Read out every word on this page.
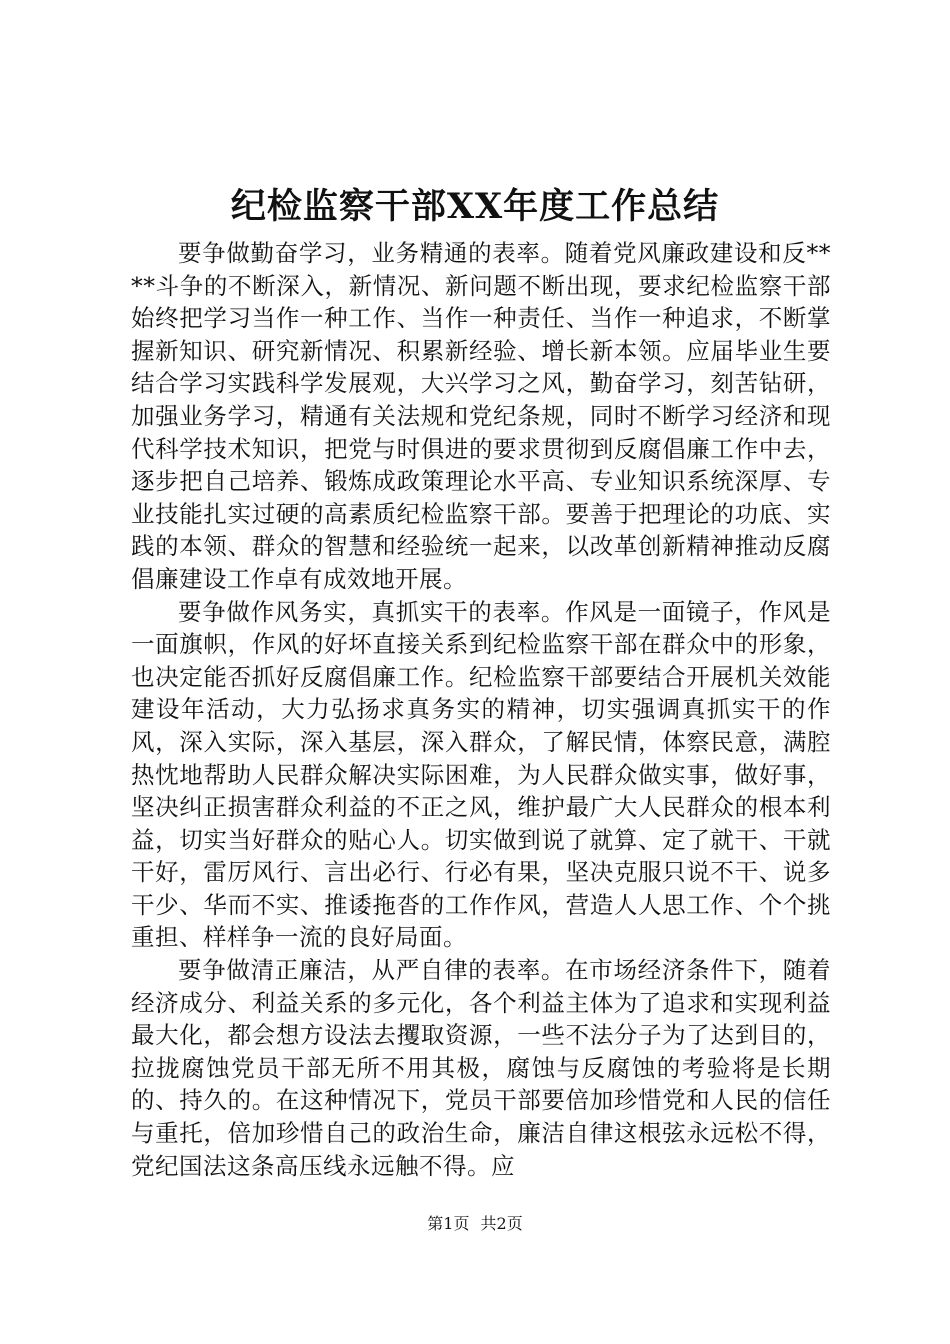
纪检监察干部XX年度工作总结

要争做勤奋学习，业务精通的表率。随着党风廉政建设和反****斗争的不断深入，新情况、新问题不断出现，要求纪检监察干部始终把学习当作一种工作、当作一种责任、当作一种追求，不断掌握新知识、研究新情况、积累新经验、增长新本领。应届毕业生要结合学习实践科学发展观，大兴学习之风，勤奋学习，刻苦钻研，加强业务学习，精通有关法规和党纪条规，同时不断学习经济和现代科学技术知识，把党与时俱进的要求贯彻到反腐倡廉工作中去，逐步把自己培养、锻炼成政策理论水平高、专业知识系统深厚、专业技能扎实过硬的高素质纪检监察干部。要善于把理论的功底、实践的本领、群众的智慧和经验统一起来，以改革创新精神推动反腐倡廉建设工作卓有成效地开展。

要争做作风务实，真抓实干的表率。作风是一面镜子，作风是一面旗帜，作风的好坏直接关系到纪检监察干部在群众中的形象，也决定能否抓好反腐倡廉工作。纪检监察干部要结合开展机关效能建设年活动，大力弘扬求真务实的精神，切实强调真抓实干的作风，深入实际，深入基层，深入群众，了解民情，体察民意，满腔热忱地帮助人民群众解决实际困难，为人民群众做实事，做好事，坚决纠正损害群众利益的不正之风，维护最广大人民群众的根本利益，切实当好群众的贴心人。切实做到说了就算、定了就干、干就干好，雷厉风行、言出必行、行必有果，坚决克服只说不干、说多干少、华而不实、推诿拖沓的工作作风，营造人人思工作、个个挑重担、样样争一流的良好局面。

要争做清正廉洁，从严自律的表率。在市场经济条件下，随着经济成分、利益关系的多元化，各个利益主体为了追求和实现利益最大化，都会想方设法去攫取资源，一些不法分子为了达到目的，拉拢腐蚀党员干部无所不用其极，腐蚀与反腐蚀的考验将是长期的、持久的。在这种情况下，党员干部要倍加珍惜党和人民的信任与重托，倍加珍惜自己的政治生命，廉洁自律这根弦永远松不得，党纪国法这条高压线永远触不得。应

第1页 共2页
